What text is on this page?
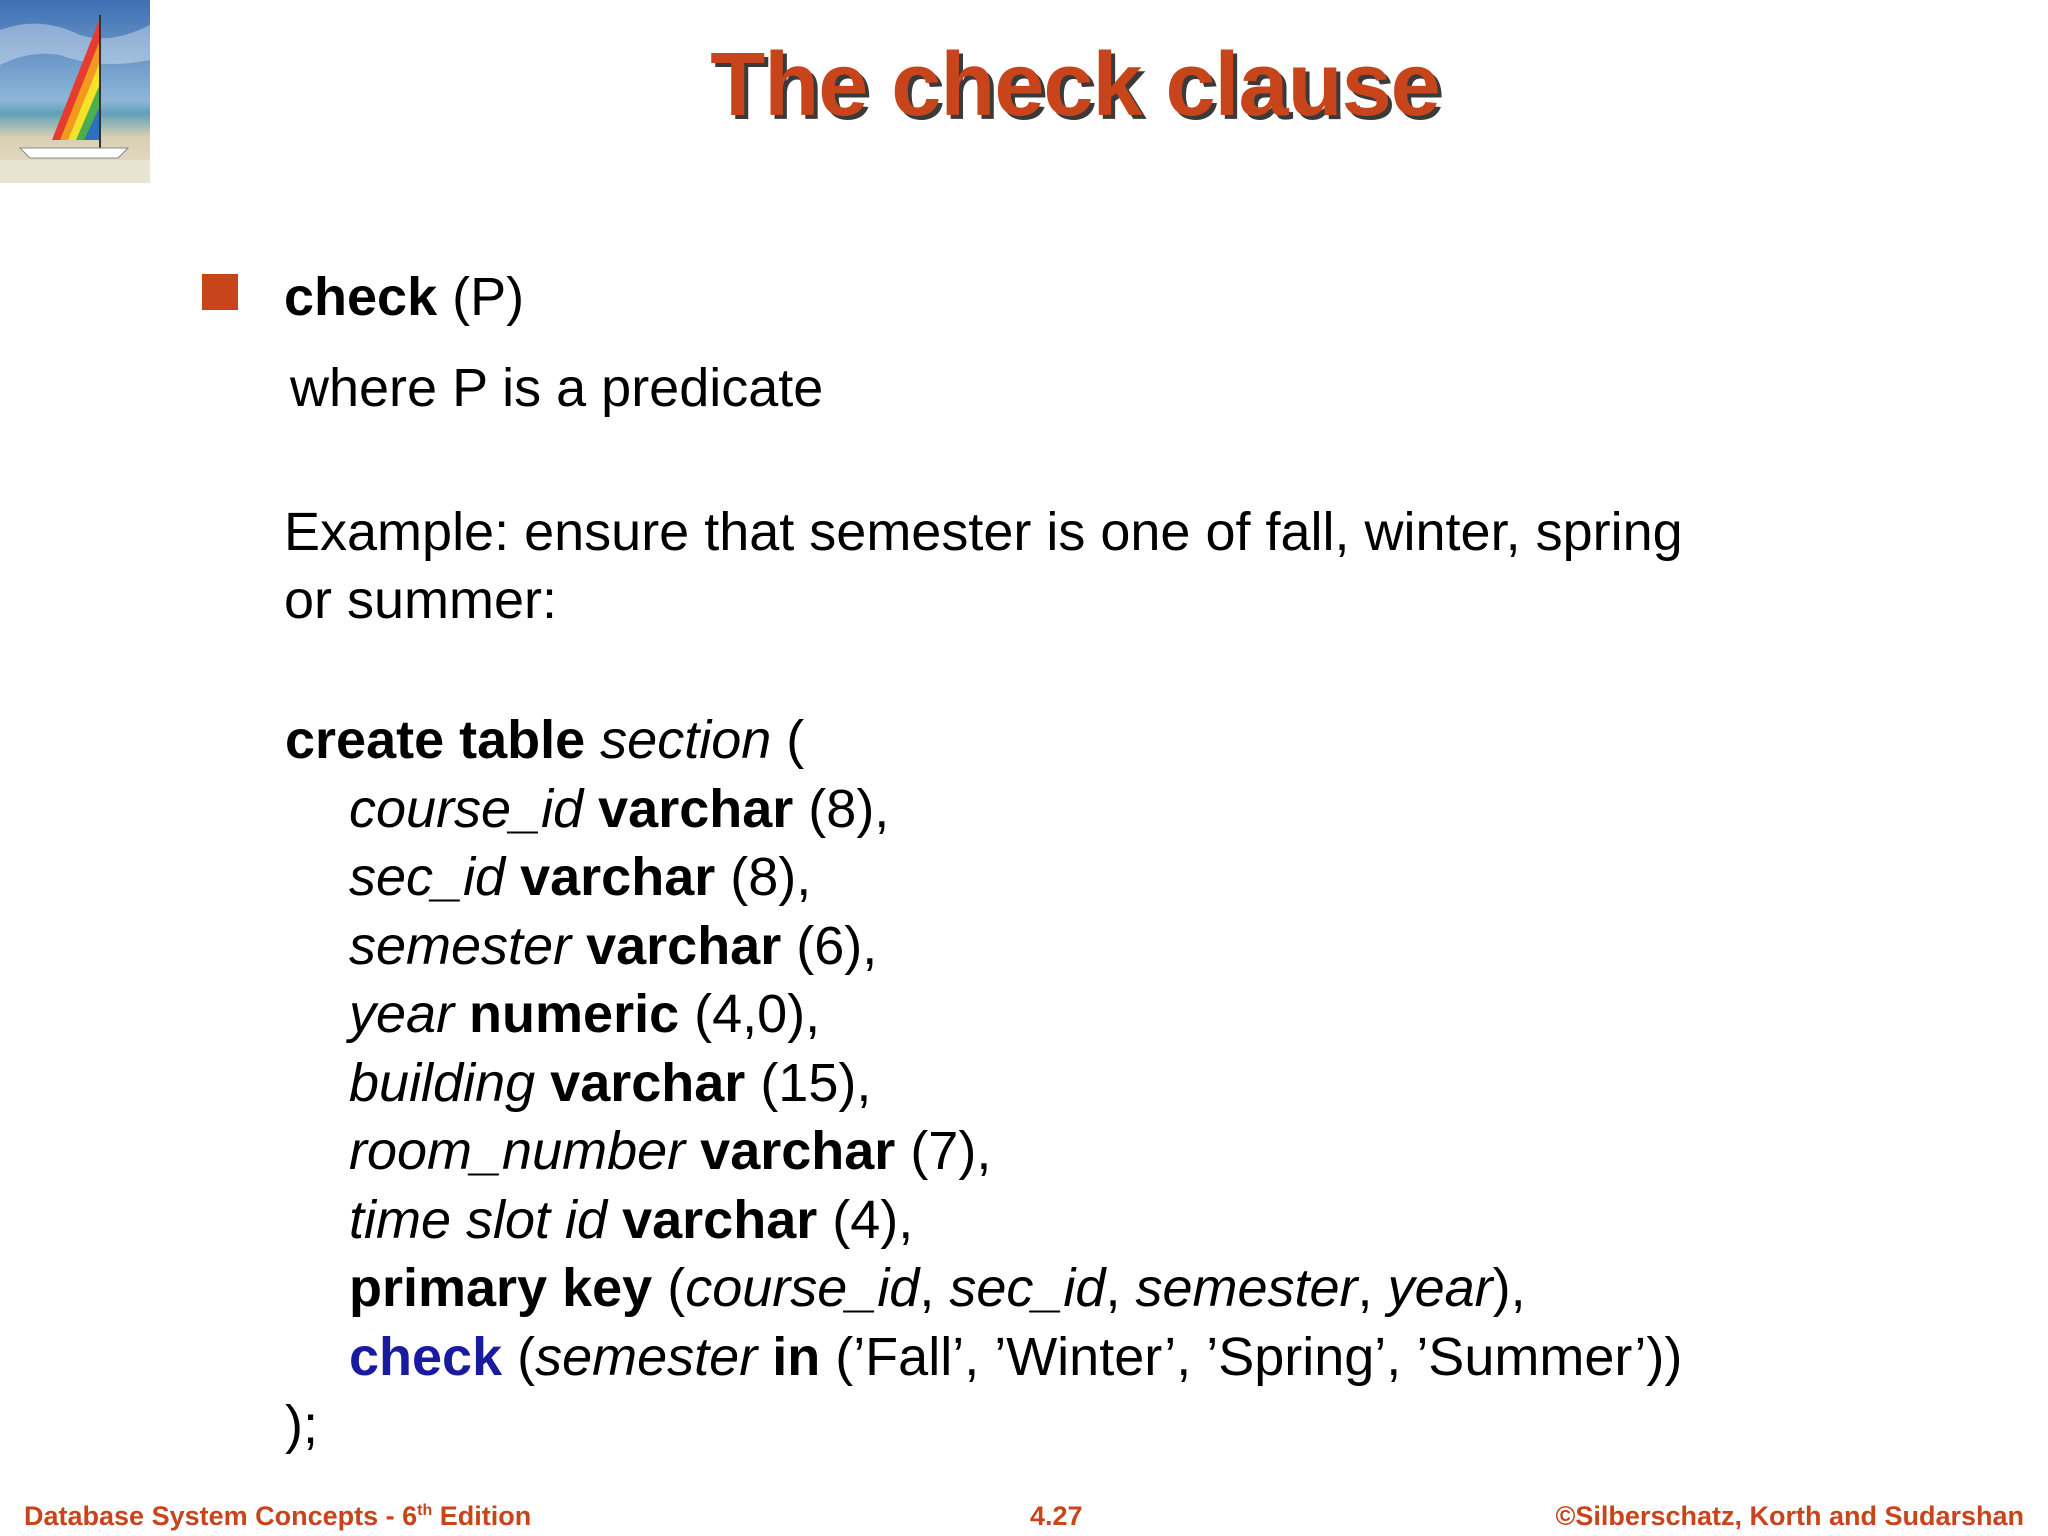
The check clause
check (P)
where P is a predicate
Example: ensure that semester is one of fall, winter, spring
or summer:
create table section (
course_id varchar (8),
sec_id varchar (8),
semester varchar (6),
year numeric (4,0),
building varchar (15),
room_number varchar (7),
time slot id varchar (4),
primary key (course_id, sec_id, semester, year),
check (semester in (’Fall’, ’Winter’, ’Spring’, ’Summer’))
);
Database System Concepts - 6th Edition	4.27	©Silberschatz, Korth and Sudarshan
